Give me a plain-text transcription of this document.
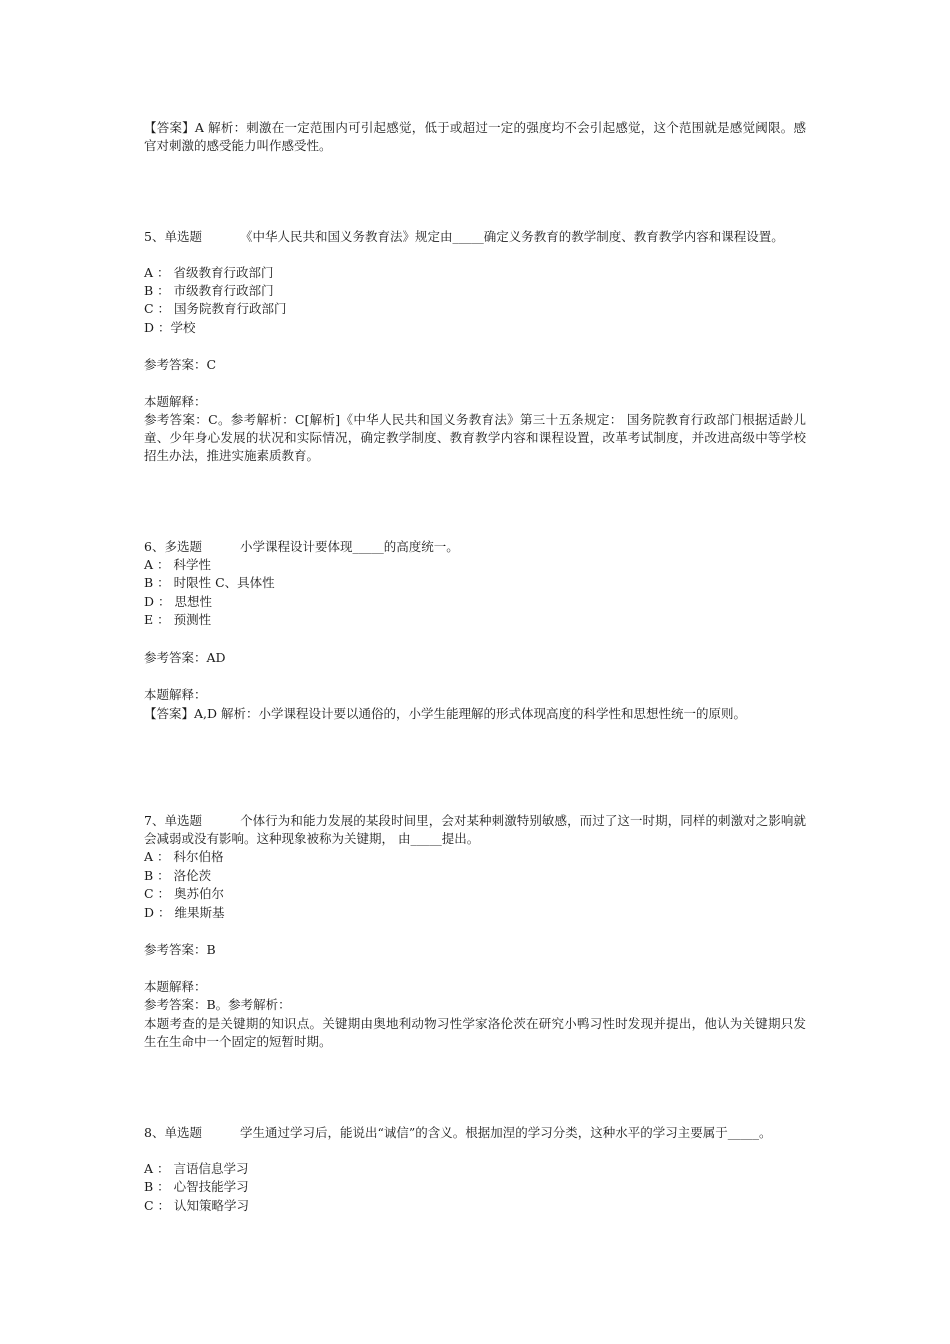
【答案】A 解析：刺激在一定范围内可引起感觉，低于或超过一定的强度均不会引起感觉，这个范围就是感觉阈限。感官对刺激的感受能力叫作感受性。
5、单选题	《中华人民共和国义务教育法》规定由_____确定义务教育的教学制度、教育教学内容和课程设置。
A ： 省级教育行政部门
B ： 市级教育行政部门
C ： 国务院教育行政部门
D ：学校
参考答案：C
本题解释：
参考答案：C。参考解析：C[解析]《中华人民共和国义务教育法》第三十五条规定： 国务院教育行政部门根据适龄儿童、少年身心发展的状况和实际情况，确定教学制度、教育教学内容和课程设置，改革考试制度，并改进高级中等学校招生办法，推进实施素质教育。
6、多选题	小学课程设计要体现_____的高度统一。
A ： 科学性
B ： 时限性 C、具体性
D ： 思想性
E ： 预测性
参考答案：AD
本题解释：
【答案】A,D 解析：小学课程设计要以通俗的，小学生能理解的形式体现高度的科学性和思想性统一的原则。
7、单选题	个体行为和能力发展的某段时间里，会对某种刺激特别敏感，而过了这一时期，同样的刺激对之影响就会减弱或没有影响。这种现象被称为关键期， 由_____提出。
A ： 科尔伯格
B ： 洛伦茨
C ： 奥苏伯尔
D ： 维果斯基
参考答案：B
本题解释：
参考答案：B。参考解析：
本题考查的是关键期的知识点。关键期由奥地利动物习性学家洛伦茨在研究小鸭习性时发现并提出，他认为关键期只发生在生命中一个固定的短暂时期。
8、单选题	学生通过学习后，能说出“诚信”的含义。根据加涅的学习分类，这种水平的学习主要属于_____。
A ： 言语信息学习
B ： 心智技能学习
C ： 认知策略学习
